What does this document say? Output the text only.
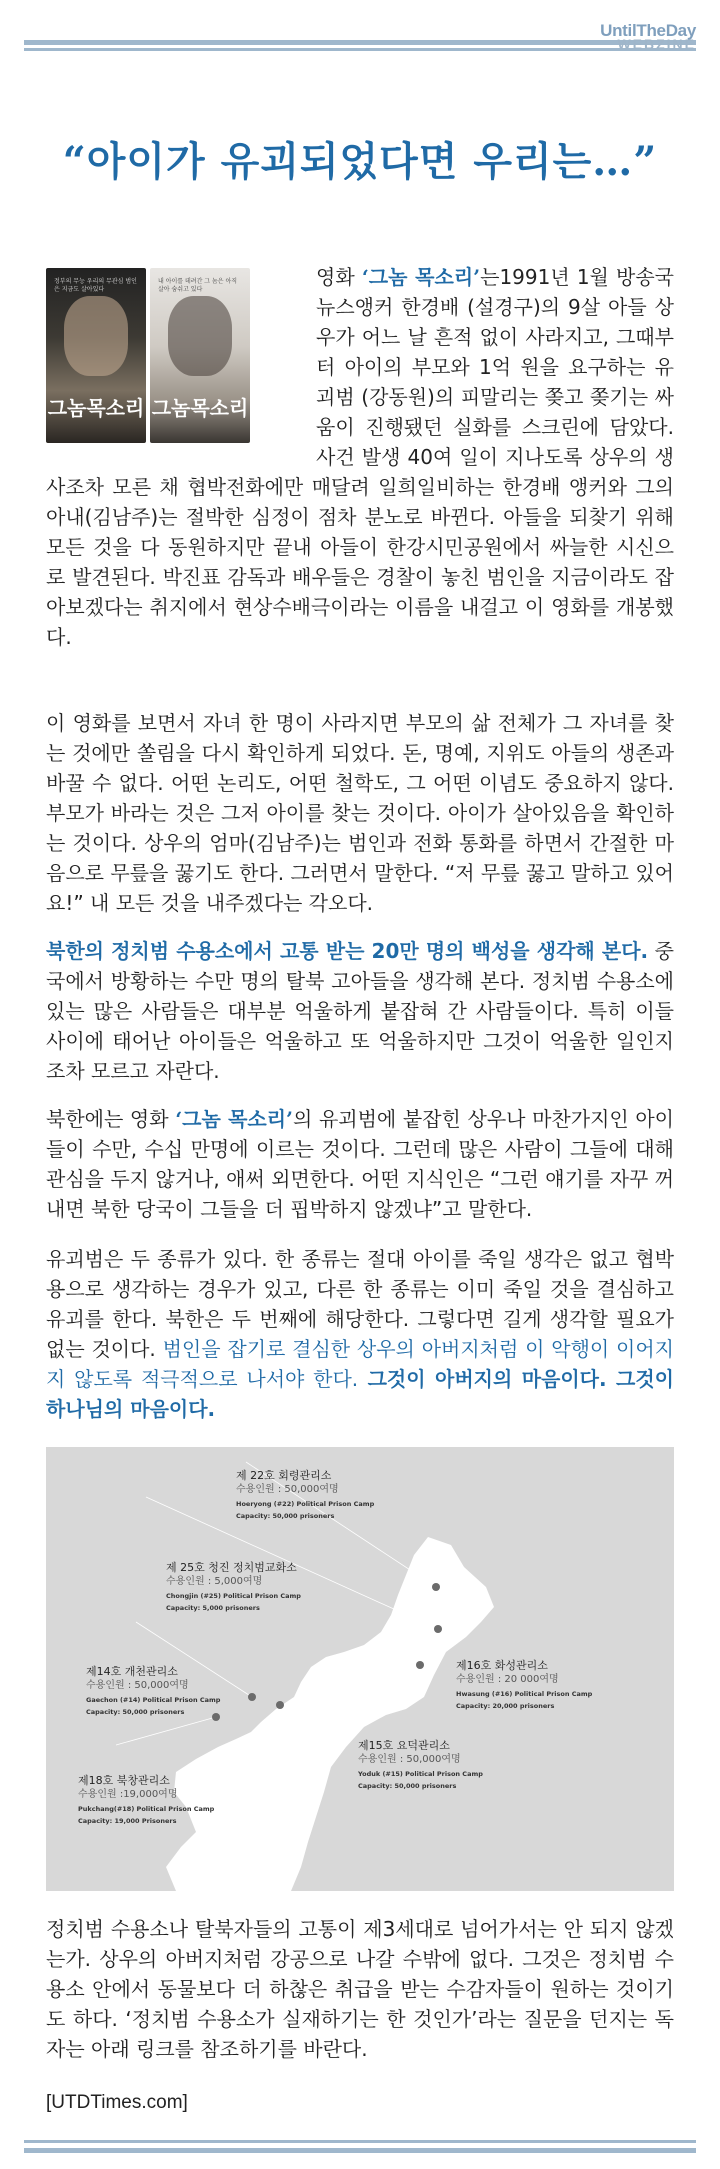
UntilTheDay
WEBZINE
“아이가 유괴되었다면 우리는…”
정부의 무능 우리의 무관심 범인은 지금도 살아있다
그놈목소리
내 아이를 데려간 그 놈은 아직 살아 숨쉬고 있다
그놈목소리
영화 ‘그놈 목소리’는1991년 1월 방송국 뉴스앵커 한경배 (설경구)의 9살 아들 상우가 어느 날 흔적 없이 사라지고, 그때부터 아이의 부모와 1억 원을 요구하는 유괴범 (강동원)의 피말리는 쫒고 쫒기는 싸움이 진행됐던 실화를 스크린에 담았다. 사건 발생 40여 일이 지나도록 상우의 생사조차 모른 채 협박전화에만 매달려 일희일비하는 한경배 앵커와 그의 아내(김남주)는 절박한 심정이 점차 분노로 바뀐다. 아들을 되찾기 위해 모든 것을 다 동원하지만 끝내 아들이 한강시민공원에서 싸늘한 시신으로 발견된다. 박진표 감독과 배우들은 경찰이 놓친 범인을 지금이라도 잡아보겠다는 취지에서 현상수배극이라는 이름을 내걸고 이 영화를 개봉했다.
이 영화를 보면서 자녀 한 명이 사라지면 부모의 삶 전체가 그 자녀를 찾는 것에만 쏠림을 다시 확인하게 되었다. 돈, 명예, 지위도 아들의 생존과 바꿀 수 없다. 어떤 논리도, 어떤 철학도, 그 어떤 이념도 중요하지 않다. 부모가 바라는 것은 그저 아이를 찾는 것이다. 아이가 살아있음을 확인하는 것이다. 상우의 엄마(김남주)는 범인과 전화 통화를 하면서 간절한 마음으로 무릎을 꿇기도 한다. 그러면서 말한다. “저 무릎 꿇고 말하고 있어요!” 내 모든 것을 내주겠다는 각오다.
북한의 정치범 수용소에서 고통 받는 20만 명의 백성을 생각해 본다. 중국에서 방황하는 수만 명의 탈북 고아들을 생각해 본다. 정치범 수용소에 있는 많은 사람들은 대부분 억울하게 붙잡혀 간 사람들이다. 특히 이들 사이에 태어난 아이들은 억울하고 또 억울하지만 그것이 억울한 일인지조차 모르고 자란다.
북한에는 영화 ‘그놈 목소리’의 유괴범에 붙잡힌 상우나 마찬가지인 아이들이 수만, 수십 만명에 이르는 것이다. 그런데 많은 사람이 그들에 대해 관심을 두지 않거나, 애써 외면한다. 어떤 지식인은 “그런 얘기를 자꾸 꺼내면 북한 당국이 그들을 더 핍박하지 않겠냐”고 말한다.
유괴범은 두 종류가 있다. 한 종류는 절대 아이를 죽일 생각은 없고 협박용으로 생각하는 경우가 있고, 다른 한 종류는 이미 죽일 것을 결심하고 유괴를 한다. 북한은 두 번째에 해당한다. 그렇다면 길게 생각할 필요가 없는 것이다. 범인을 잡기로 결심한 상우의 아버지처럼 이 악행이 이어지지 않도록 적극적으로 나서야 한다. 그것이 아버지의 마음이다. 그것이 하나님의 마음이다.
제 22호 회령관리소
수용인원 : 50,000여명
Hoeryong (#22) Political Prison Camp
Capacity: 50,000 prisoners
제 25호 청진 정치범교화소
수용인원 : 5,000여명
Chongjin (#25) Political Prison Camp
Capacity: 5,000 prisoners
제16호 화성관리소
수용인원 : 20 000여명
Hwasung (#16) Political Prison Camp
Capacity: 20,000 prisoners
제14호 개천관리소
수용인원 : 50,000여명
Gaechon (#14) Political Prison Camp
Capacity: 50,000 prisoners
제15호 요덕관리소
수용인원 : 50,000여명
Yoduk (#15) Political Prison Camp
Capacity: 50,000 prisoners
제18호 북창관리소
수용인원 :19,000여명
Pukchang(#18) Political Prison Camp
Capacity: 19,000 Prisoners
정치범 수용소나 탈북자들의 고통이 제3세대로 넘어가서는 안 되지 않겠는가. 상우의 아버지처럼 강공으로 나갈 수밖에 없다. 그것은 정치범 수용소 안에서 동물보다 더 하찮은 취급을 받는 수감자들이 원하는 것이기도 하다. ‘정치범 수용소가 실재하기는 한 것인가’라는 질문을 던지는 독자는 아래 링크를 참조하기를 바란다.
[UTDTimes.com]
